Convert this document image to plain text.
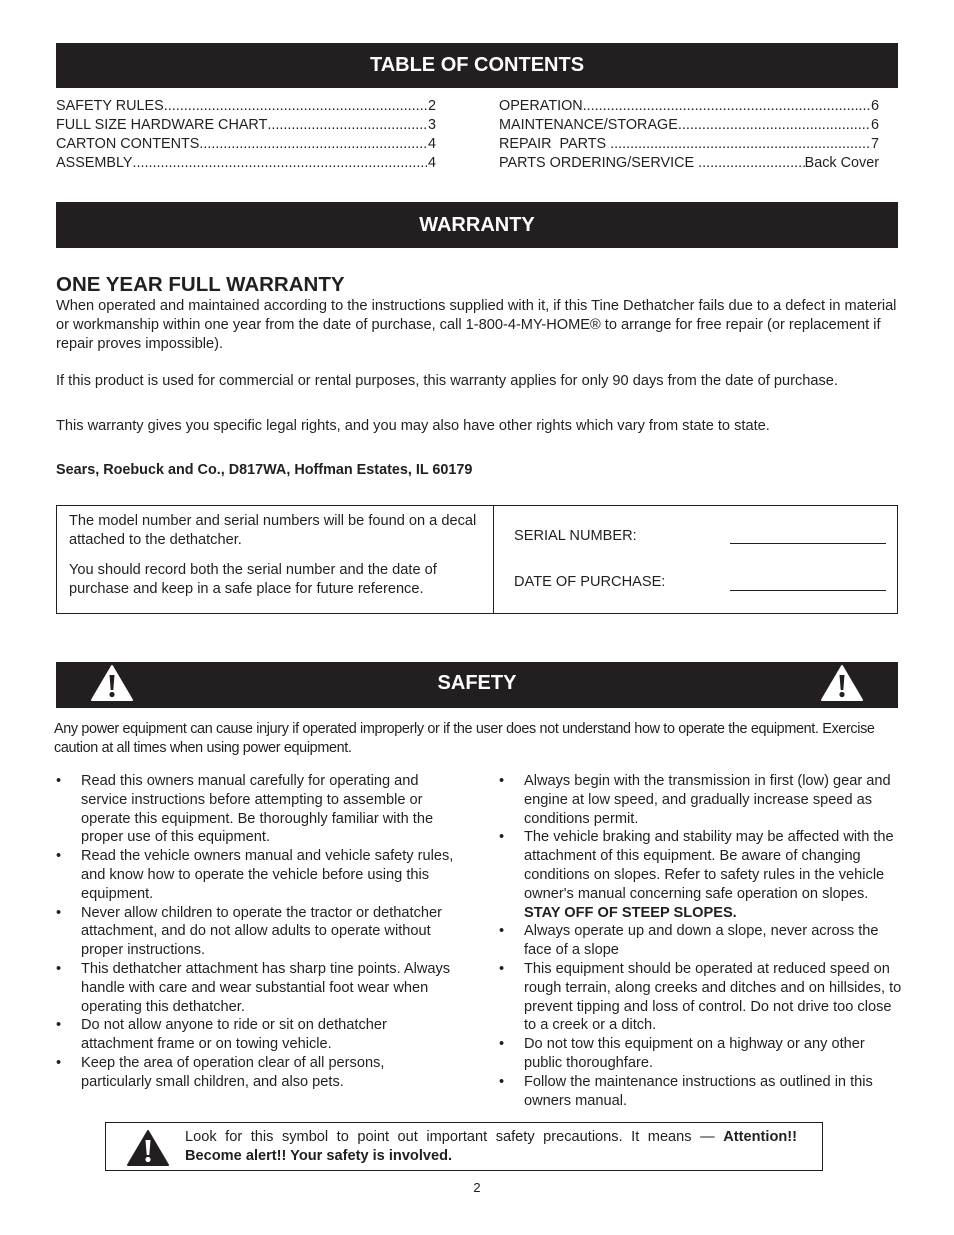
TABLE OF CONTENTS
SAFETY RULES .....	2
FULL SIZE HARDWARE CHART .....	3
CARTON CONTENTS .....	4
ASSEMBLY .....	4
OPERATION .....	6
MAINTENANCE/STORAGE .....	6
REPAIR  PARTS .....	7
PARTS ORDERING/SERVICE .....	Back Cover
WARRANTY
ONE YEAR FULL WARRANTY

When operated and maintained according to the instructions supplied with it, if this Tine Dethatcher fails due to a defect in material or workmanship within one year from the date of purchase, call 1-800-4-MY-HOME® to arrange for free repair (or replacement if repair proves impossible).

If this product is used for commercial or rental purposes, this warranty applies for only 90 days from the date of purchase.

This warranty gives you specific legal rights, and you may also have other rights which vary from state to state.

Sears, Roebuck and Co., D817WA, Hoffman Estates, IL 60179

The model number and serial numbers will be found on a decal attached to the dethatcher.

You should record both the serial number and the date of purchase and keep in a safe place for future reference.

SERIAL NUMBER:
DATE OF PURCHASE:
SAFETY

Any power equipment can cause injury if operated improperly or if the user does not understand how to operate the equipment. Exercise caution at all times when using power equipment.

• Read this owners manual carefully for operating and service instructions before attempting to assemble or operate this equipment. Be thoroughly familiar with the proper use of this equipment.
• Read the vehicle owners manual and vehicle safety rules, and know how to operate the vehicle before using this equipment.
• Never allow children to operate the tractor or dethatcher attachment, and do not allow adults to operate without proper instructions.
• This dethatcher attachment has sharp tine points. Always handle with care and wear substantial foot wear when operating this dethatcher.
• Do not allow anyone to ride or sit on dethatcher attachment frame or on towing vehicle.
• Keep the area of operation clear of all persons, particularly small children, and also pets.
• Always begin with the transmission in first (low) gear and engine at low speed, and gradually increase speed as conditions permit.
• The vehicle braking and stability may be affected with the attachment of this equipment. Be aware of changing conditions on slopes. Refer to safety rules in the vehicle owner's manual concerning safe operation on slopes. STAY OFF OF STEEP SLOPES.
• Always operate up and down a slope, never across the face of a slope
• This equipment should be operated at reduced speed on rough terrain, along creeks and ditches and on hillsides, to prevent tipping and loss of control. Do not drive too close to a creek or a ditch.
• Do not tow this equipment on a highway or any other public thoroughfare.
• Follow the maintenance instructions as outlined in this owners manual.

Look for this symbol to point out important safety precautions. It means — Attention!! Become alert!! Your safety is involved.

2
